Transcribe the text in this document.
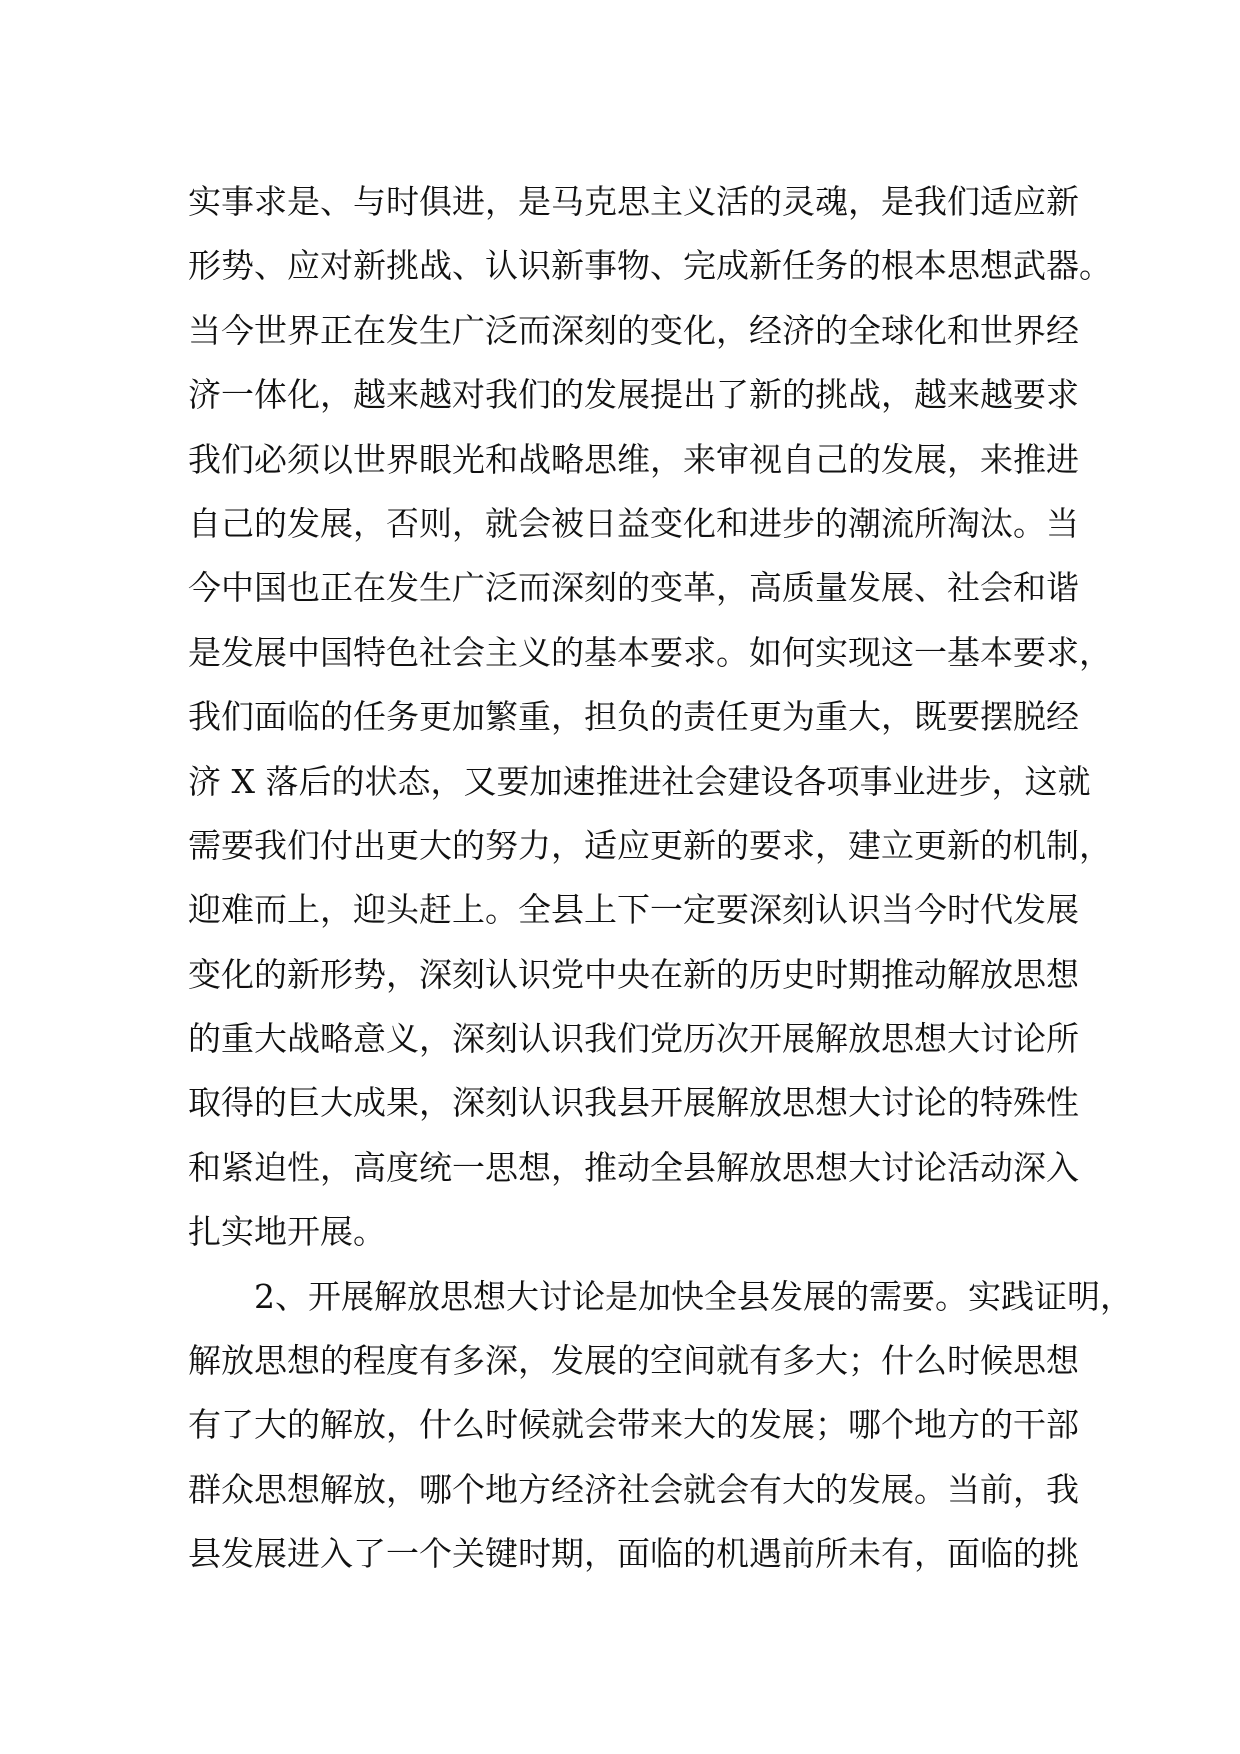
实事求是、与时俱进，是马克思主义活的灵魂，是我们适应新
形势、应对新挑战、认识新事物、完成新任务的根本思想武器。
当今世界正在发生广泛而深刻的变化，经济的全球化和世界经
济一体化，越来越对我们的发展提出了新的挑战，越来越要求
我们必须以世界眼光和战略思维，来审视自己的发展，来推进
自己的发展，否则，就会被日益变化和进步的潮流所淘汰。当
今中国也正在发生广泛而深刻的变革，高质量发展、社会和谐
是发展中国特色社会主义的基本要求。如何实现这一基本要求，
我们面临的任务更加繁重，担负的责任更为重大，既要摆脱经
济 X 落后的状态，又要加速推进社会建设各项事业进步，这就
需要我们付出更大的努力，适应更新的要求，建立更新的机制，
迎难而上，迎头赶上。全县上下一定要深刻认识当今时代发展
变化的新形势，深刻认识党中央在新的历史时期推动解放思想
的重大战略意义，深刻认识我们党历次开展解放思想大讨论所
取得的巨大成果，深刻认识我县开展解放思想大讨论的特殊性
和紧迫性，高度统一思想，推动全县解放思想大讨论活动深入
扎实地开展。
2、开展解放思想大讨论是加快全县发展的需要。实践证明，
解放思想的程度有多深，发展的空间就有多大；什么时候思想
有了大的解放，什么时候就会带来大的发展；哪个地方的干部
群众思想解放，哪个地方经济社会就会有大的发展。当前，我
县发展进入了一个关键时期，面临的机遇前所未有，面临的挑
